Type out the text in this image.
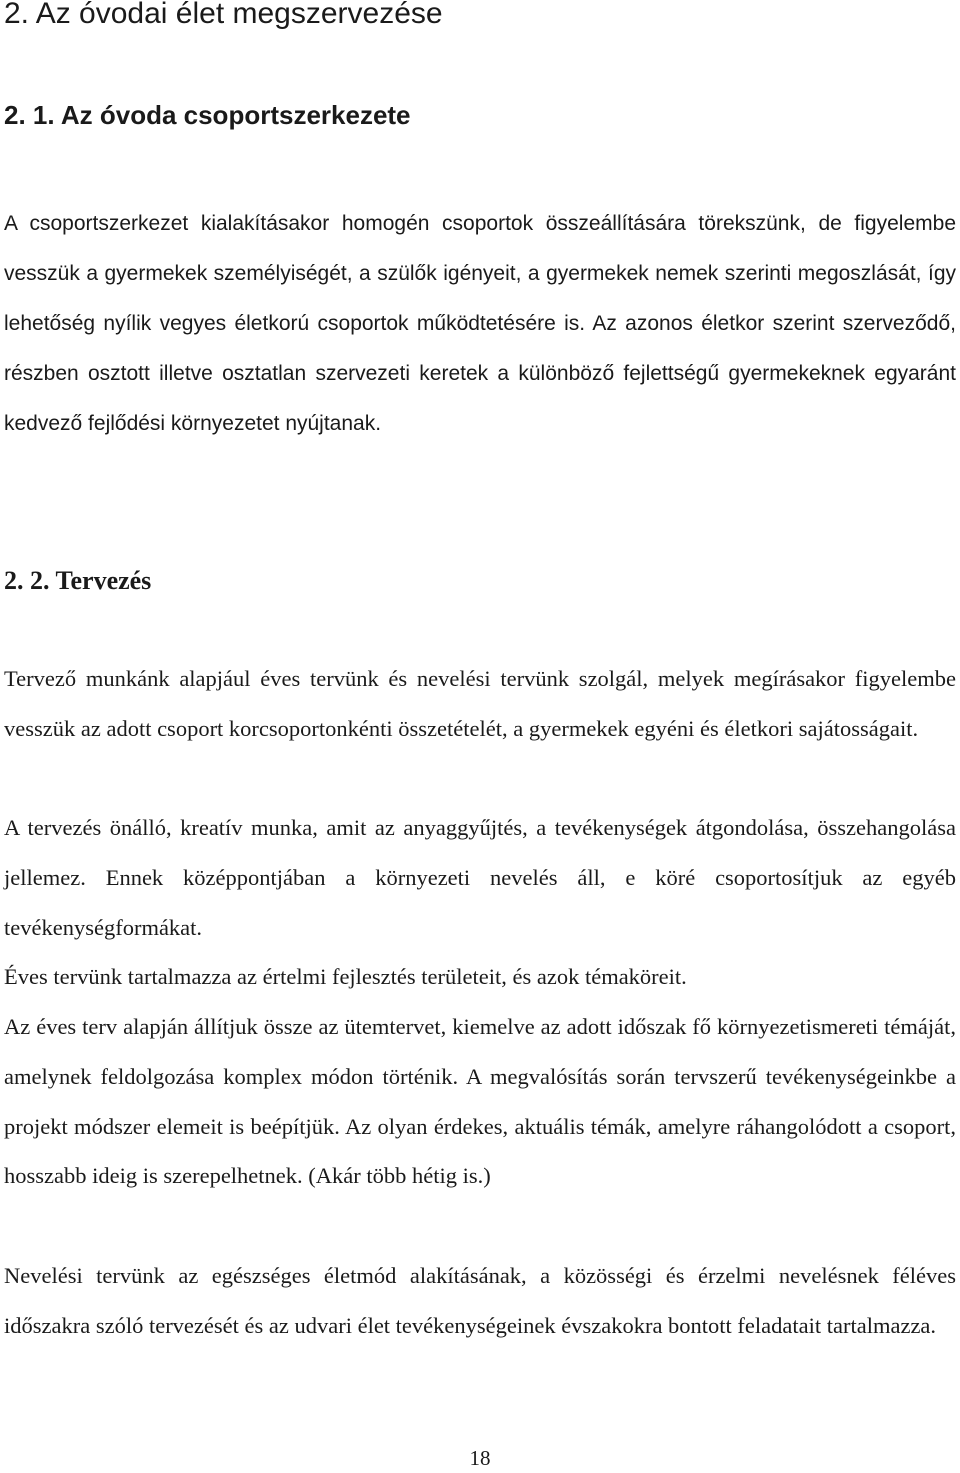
2. Az óvodai élet megszervezése
2. 1. Az óvoda csoportszerkezete

A csoportszerkezet kialakításakor homogén csoportok összeállítására törekszünk, de figyelembe vesszük a gyermekek személyiségét, a szülők igényeit, a gyermekek nemek szerinti megoszlását, így lehetőség nyílik vegyes életkorú csoportok működtetésére is. Az azonos életkor szerint szerveződő, részben osztott illetve osztatlan szervezeti keretek a különböző fejlettségű gyermekeknek egyaránt kedvező fejlődési környezetet nyújtanak.

2. 2. Tervezés

Tervező munkánk alapjául éves tervünk és nevelési tervünk szolgál, melyek megírásakor figyelembe vesszük az adott csoport korcsoportonkénti összetételét, a gyermekek egyéni és életkori sajátosságait.

A tervezés önálló, kreatív munka, amit az anyaggyűjtés, a tevékenységek átgondolása, összehangolása jellemez. Ennek középpontjában a környezeti nevelés áll, e köré csoportosítjuk az egyéb tevékenységformákat.

Éves tervünk tartalmazza az értelmi fejlesztés területeit, és azok témaköreit.

Az éves terv alapján állítjuk össze az ütemtervet, kiemelve az adott időszak fő környezetismereti témáját, amelynek feldolgozása komplex módon történik. A megvalósítás során tervszerű tevékenységeinkbe a projekt módszer elemeit is beépítjük. Az olyan érdekes, aktuális témák, amelyre ráhangolódott a csoport, hosszabb ideig is szerepelhetnek. (Akár több hétig is.)

Nevelési tervünk az egészséges életmód alakításának, a közösségi és érzelmi nevelésnek féléves időszakra szóló tervezését és az udvari élet tevékenységeinek évszakokra bontott feladatait tartalmazza.

18
